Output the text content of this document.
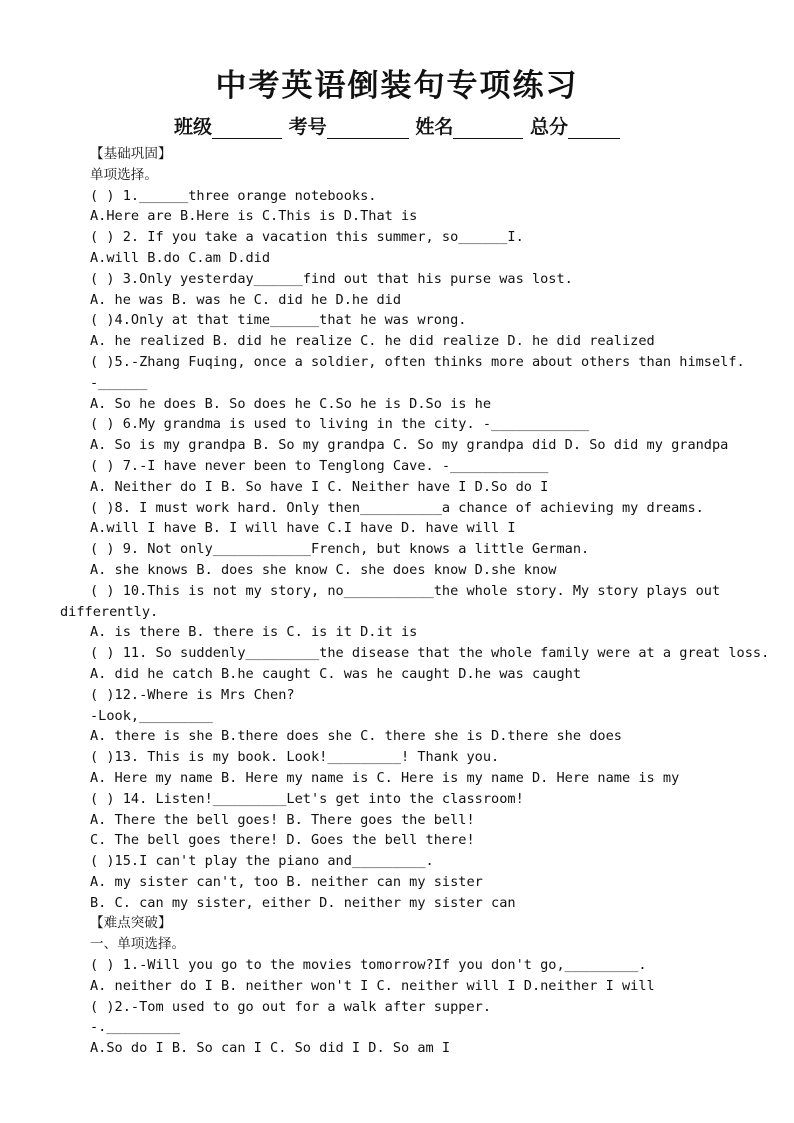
中考英语倒装句专项练习
班级	考号	姓名	总分
【基础巩固】
单项选择。
( ) 1.______three orange notebooks.
A.Here are B.Here is C.This is D.That is
( ) 2. If you take a vacation this summer, so______I.
A.will B.do C.am D.did
( ) 3.Only yesterday______find out that his purse was lost.
A. he was B. was he C. did he D.he did
( )4.Only at that time______that he was wrong.
A. he realized B. did he realize C. he did realize D. he did realized
( )5.-Zhang Fuqing, once a soldier, often thinks more about others than himself.
-______
A. So he does B. So does he C.So he is D.So is he
( ) 6.My grandma is used to living in the city. -____________
A. So is my grandpa B. So my grandpa C. So my grandpa did D. So did my grandpa
( ) 7.-I have never been to Tenglong Cave. -____________
A. Neither do I B. So have I C. Neither have I D.So do I
( )8. I must work hard. Only then__________a chance of achieving my dreams.
A.will I have B. I will have C.I have D. have will I
( ) 9. Not only____________French, but knows a little German.
A. she knows B. does she know C. she does know D.she know
( ) 10.This is not my story, no___________the whole story. My story plays out
differently.
A. is there B. there is C. is it D.it is
( ) 11. So suddenly_________the disease that the whole family were at a great loss.
A. did he catch B.he caught C. was he caught D.he was caught
( )12.-Where is Mrs Chen?
-Look,_________
A. there is she B.there does she C. there she is D.there she does
( )13. This is my book. Look!_________! Thank you.
A. Here my name B. Here my name is C. Here is my name D. Here name is my
( ) 14. Listen!_________Let's get into the classroom!
A. There the bell goes! B. There goes the bell!
C. The bell goes there! D. Goes the bell there!
( )15.I can't play the piano and_________.
A. my sister can't, too B. neither can my sister
B. C. can my sister, either D. neither my sister can
【难点突破】
一、单项选择。
( ) 1.-Will you go to the movies tomorrow?If you don't go,_________.
A. neither do I B. neither won't I C. neither will I D.neither I will
( )2.-Tom used to go out for a walk after supper.
-._________
A.So do I B. So can I C. So did I D. So am I
